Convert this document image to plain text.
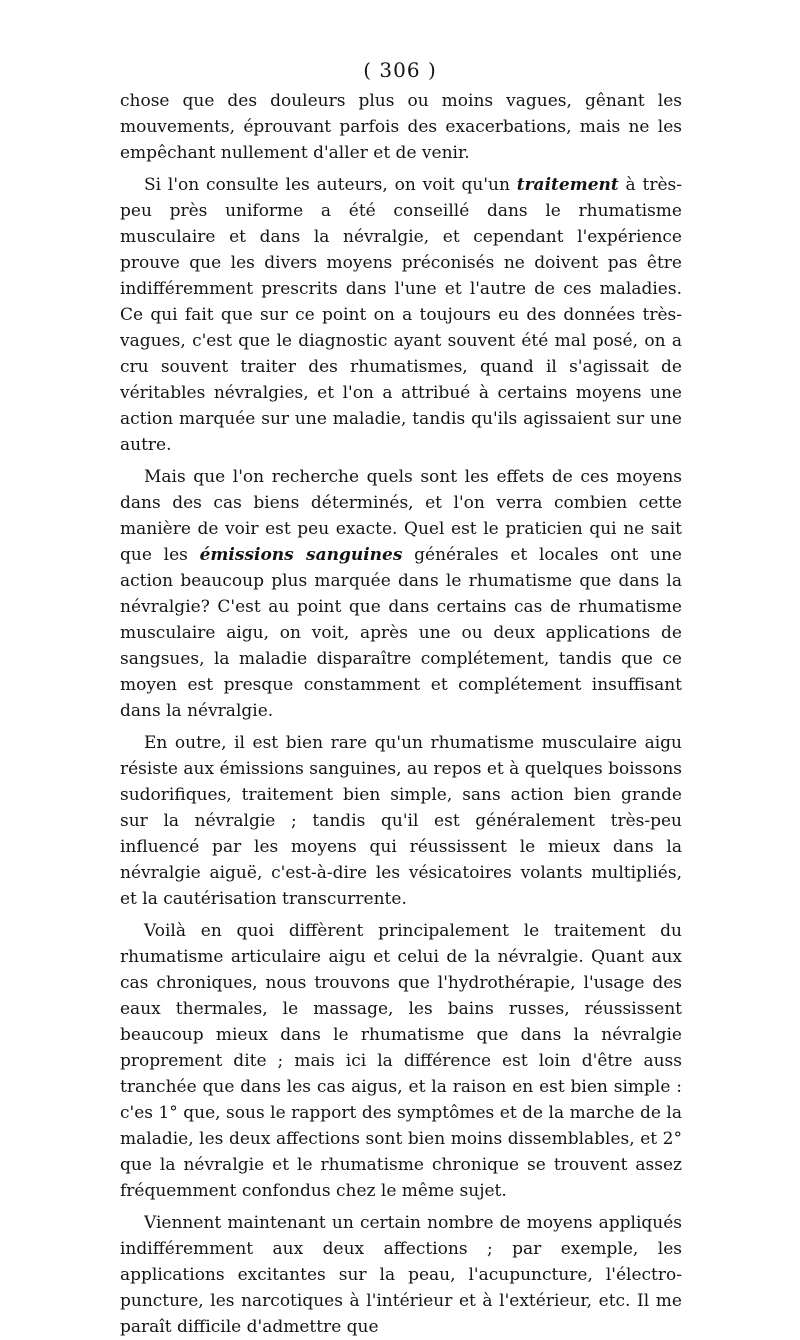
( 306 )

chose que des douleurs plus ou moins vagues, gênant les mouvements, éprouvant parfois des exacerbations, mais ne les empêchant nullement d'aller et de venir.

Si l'on consulte les auteurs, on voit qu'un traitement à très-peu près uniforme a été conseillé dans le rhumatisme musculaire et dans la névralgie, et cependant l'expérience prouve que les divers moyens préconisés ne doivent pas être indifféremment prescrits dans l'une et l'autre de ces maladies. Ce qui fait que sur ce point on a toujours eu des données très-vagues, c'est que le diagnostic ayant souvent été mal posé, on a cru souvent traiter des rhumatismes, quand il s'agissait de véritables névralgies, et l'on a attribué à certains moyens une action marquée sur une maladie, tandis qu'ils agissaient sur une autre.

Mais que l'on recherche quels sont les effets de ces moyens dans des cas biens déterminés, et l'on verra combien cette manière de voir est peu exacte. Quel est le praticien qui ne sait que les émissions sanguines générales et locales ont une action beaucoup plus marquée dans le rhumatisme que dans la névralgie? C'est au point que dans certains cas de rhumatisme musculaire aigu, on voit, après une ou deux applications de sangsues, la maladie disparaître complétement, tandis que ce moyen est presque constamment et complétement insuffisant dans la névralgie.

En outre, il est bien rare qu'un rhumatisme musculaire aigu résiste aux émissions sanguines, au repos et à quelques boissons sudorifiques, traitement bien simple, sans action bien grande sur la névralgie ; tandis qu'il est généralement très-peu influencé par les moyens qui réussissent le mieux dans la névralgie aiguë, c'est-à-dire les vésicatoires volants multipliés, et la cautérisation transcurrente.

Voilà en quoi diffèrent principalement le traitement du rhumatisme articulaire aigu et celui de la névralgie. Quant aux cas chroniques, nous trouvons que l'hydrothérapie, l'usage des eaux thermales, le massage, les bains russes, réussissent beaucoup mieux dans le rhumatisme que dans la névralgie proprement dite ; mais ici la différence est loin d'être auss tranchée que dans les cas aigus, et la raison en est bien simple : c'es 1° que, sous le rapport des symptômes et de la marche de la maladie, les deux affections sont bien moins dissemblables, et 2° que la névralgie et le rhumatisme chronique se trouvent assez fréquemment confondus chez le même sujet.

Viennent maintenant un certain nombre de moyens appliqués indifféremment aux deux affections ; par exemple, les applications excitantes sur la peau, l'acupuncture, l'électro-puncture, les narcotiques à l'intérieur et à l'extérieur, etc. Il me paraît difficile d'admettre que
